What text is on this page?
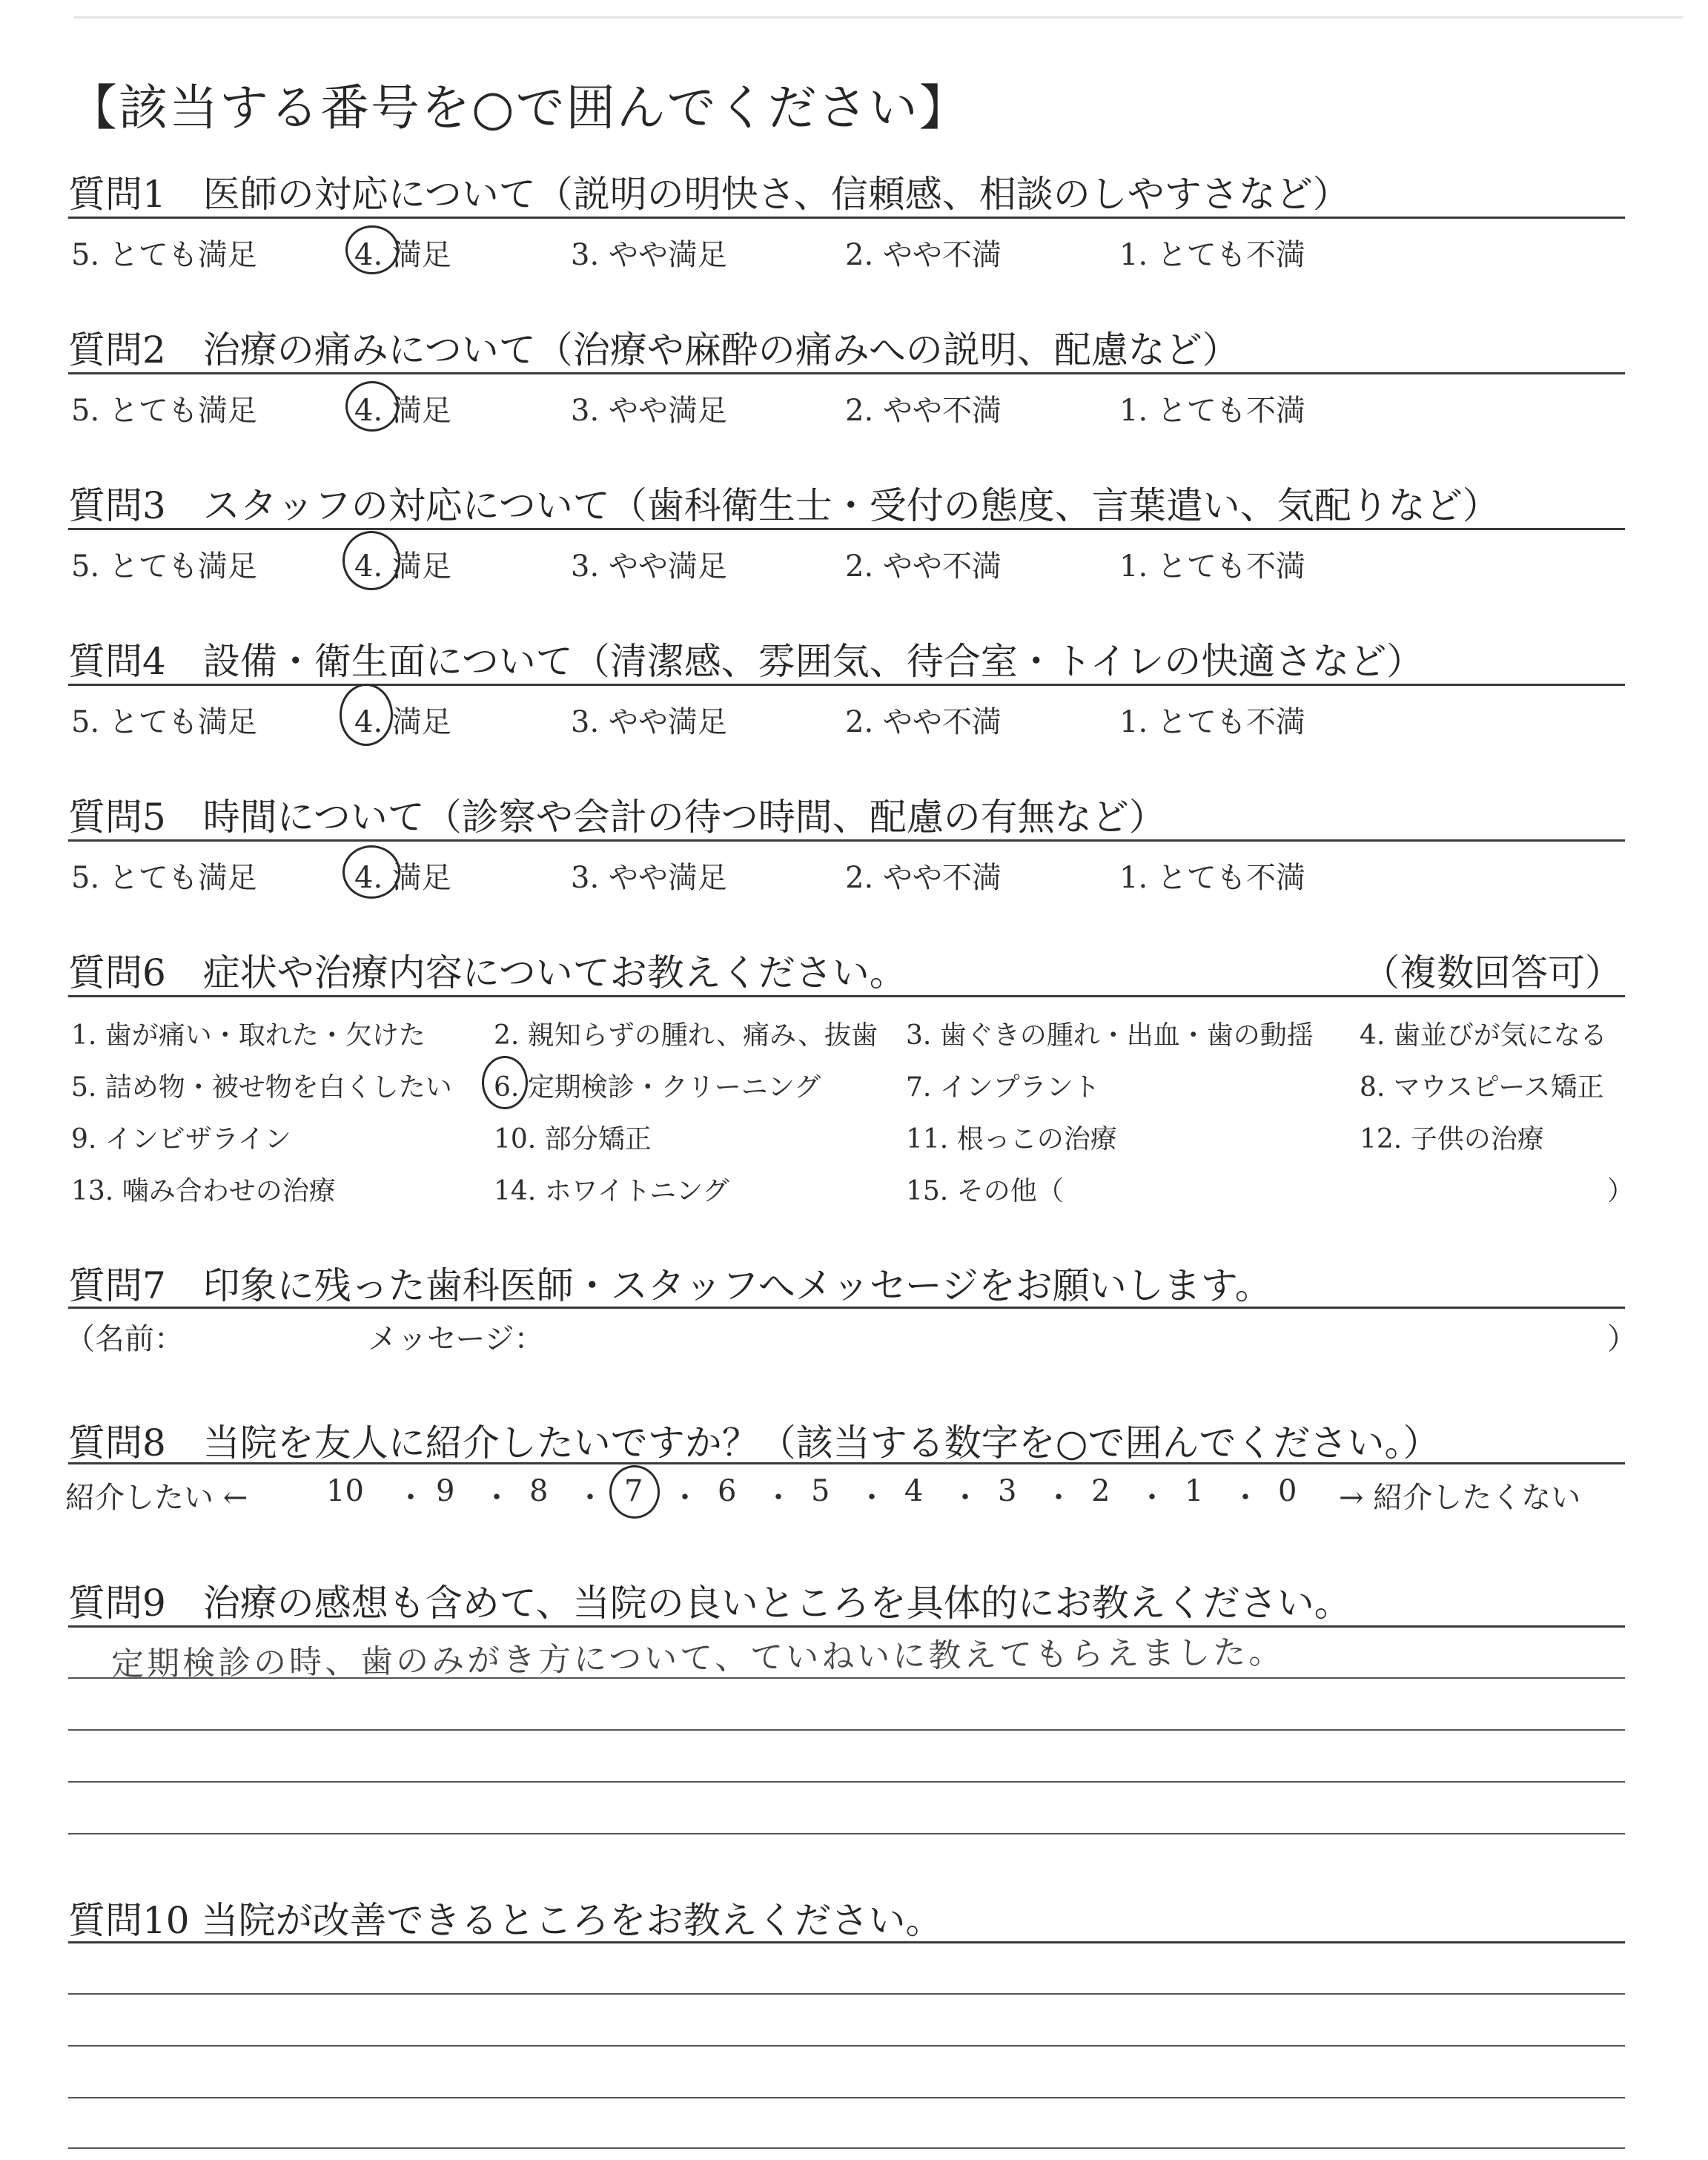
【該当する番号を○で囲んでください】
質問1　医師の対応について（説明の明快さ、信頼感、相談のしやすさなど）
5. とても満足	4. 満足	3. やや満足	2. やや不満	1. とても不満
質問2　治療の痛みについて（治療や麻酔の痛みへの説明、配慮など）
5. とても満足	4. 満足	3. やや満足	2. やや不満	1. とても不満
質問3　スタッフの対応について（歯科衛生士・受付の態度、言葉遣い、気配りなど）
5. とても満足	4. 満足	3. やや満足	2. やや不満	1. とても不満
質問4　設備・衛生面について（清潔感、雰囲気、待合室・トイレの快適さなど）
5. とても満足	4. 満足	3. やや満足	2. やや不満	1. とても不満
質問5　時間について（診察や会計の待つ時間、配慮の有無など）
5. とても満足	4. 満足	3. やや満足	2. やや不満	1. とても不満
質問6　症状や治療内容についてお教えください。	（複数回答可）
1. 歯が痛い・取れた・欠けた	2. 親知らずの腫れ、痛み、抜歯 3. 歯ぐきの腫れ・出血・歯の動揺 4. 歯並びが気になる
5. 詰め物・被せ物を白くしたい 6. 定期検診・クリーニング	7. インプラント	8. マウスピース矯正
9. インビザライン	10. 部分矯正	11. 根っこの治療	12. 子供の治療
13. 噛み合わせの治療	14. ホワイトニング	15. その他（	）
質問7　印象に残った歯科医師・スタッフへメッセージをお願いします。
（名前：	メッセージ：	）
質問8　当院を友人に紹介したいですか？（該当する数字を○で囲んでください。）
紹介したい ←	→ 紹介したくない
10 ・ 9 ・ 8 ・ 7 ・ 6 ・ 5 ・ 4 ・ 3 ・ 2 ・ 1 ・ 0
質問9　治療の感想も含めて、当院の良いところを具体的にお教えください。
定期検診の時、歯のみがき方について、ていねいに教えてもらえました。
質問10 当院が改善できるところをお教えください。
